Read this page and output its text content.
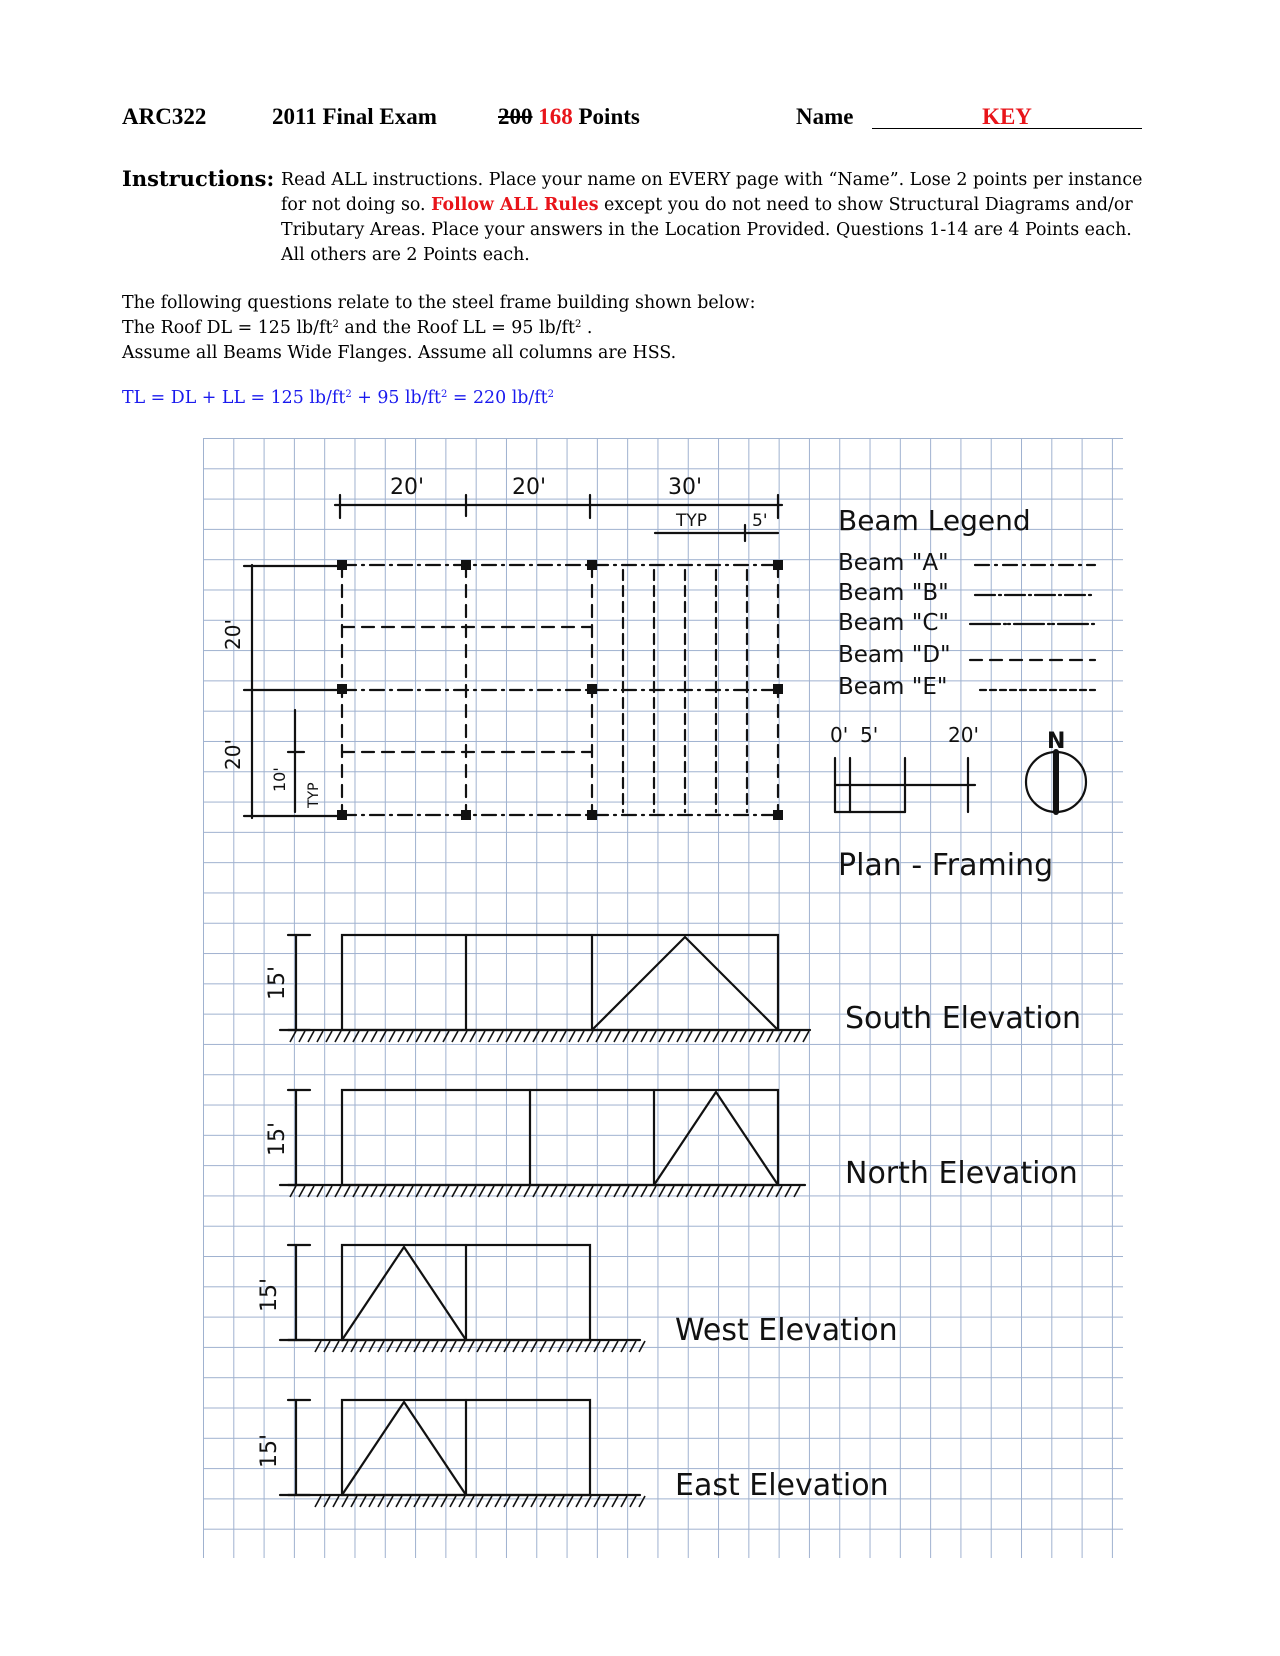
ARC322	2011 Final Exam	200 168 Points	Name	KEY
Instructions: Read ALL instructions. Place your name on EVERY page with “Name”. Lose 2 points per instance for not doing so. Follow ALL Rules except you do not need to show Structural Diagrams and/or Tributary Areas. Place your answers in the Location Provided. Questions 1-14 are 4 Points each. All others are 2 Points each.
The following questions relate to the steel frame building shown below:
The Roof DL = 125 $lb/ft^2$ and the Roof LL = 95 $lb/ft^2$ .
Assume all Beams Wide Flanges. Assume all columns are HSS.
TL = DL + LL = 125 $lb/ft^2 + 95$ $lb/ft^2 = 220$ $lb/ft^2$
20'	20'	30'
TYP	5'
20'
20'
10'
TYP
Beam Legend
Beam "A"
Beam "B"
Beam "C"
Beam "D"
Beam "E"
0' 5'	20'	N
Plan - Framing
South Elevation
North Elevation
West Elevation
East Elevation
15'
15'
15'
15'
